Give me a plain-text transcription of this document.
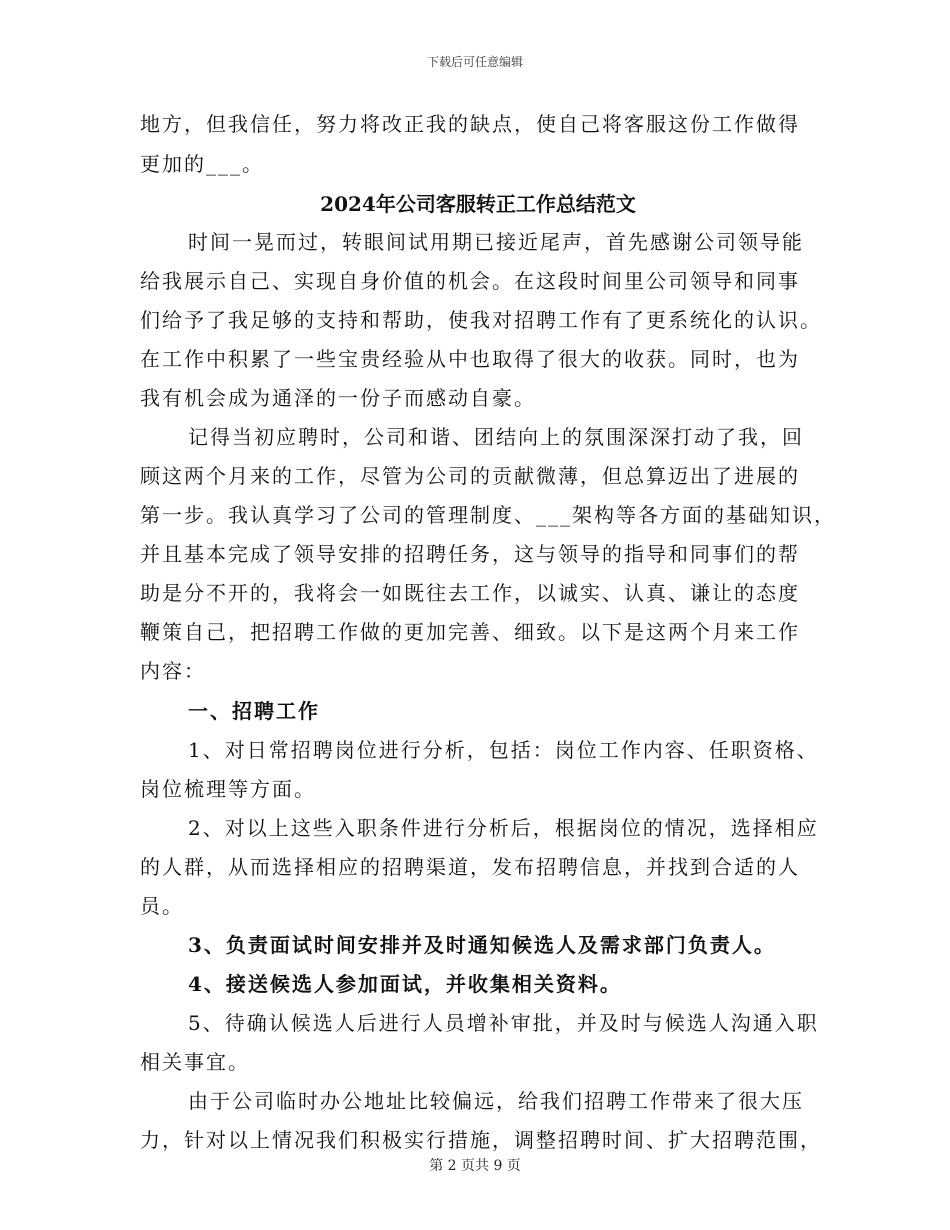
下载后可任意编辑
地方，但我信任，努力将改正我的缺点，使自己将客服这份工作做得
更加的___。
2024年公司客服转正工作总结范文
时间一晃而过，转眼间试用期已接近尾声，首先感谢公司领导能
给我展示自己、实现自身价值的机会。在这段时间里公司领导和同事
们给予了我足够的支持和帮助，使我对招聘工作有了更系统化的认识。
在工作中积累了一些宝贵经验从中也取得了很大的收获。同时，也为
我有机会成为通泽的一份子而感动自豪。
记得当初应聘时，公司和谐、团结向上的氛围深深打动了我，回
顾这两个月来的工作，尽管为公司的贡献微薄，但总算迈出了进展的
第一步。我认真学习了公司的管理制度、___架构等各方面的基础知识，
并且基本完成了领导安排的招聘任务，这与领导的指导和同事们的帮
助是分不开的，我将会一如既往去工作，以诚实、认真、谦让的态度
鞭策自己，把招聘工作做的更加完善、细致。以下是这两个月来工作
内容：
一、招聘工作
1、对日常招聘岗位进行分析，包括：岗位工作内容、任职资格、
岗位梳理等方面。
2、对以上这些入职条件进行分析后，根据岗位的情况，选择相应
的人群，从而选择相应的招聘渠道，发布招聘信息，并找到合适的人
员。
3、负责面试时间安排并及时通知候选人及需求部门负责人。
4、接送候选人参加面试，并收集相关资料。
5、待确认候选人后进行人员增补审批，并及时与候选人沟通入职
相关事宜。
由于公司临时办公地址比较偏远，给我们招聘工作带来了很大压
力，针对以上情况我们积极实行措施，调整招聘时间、扩大招聘范围，
第 2 页共 9 页
